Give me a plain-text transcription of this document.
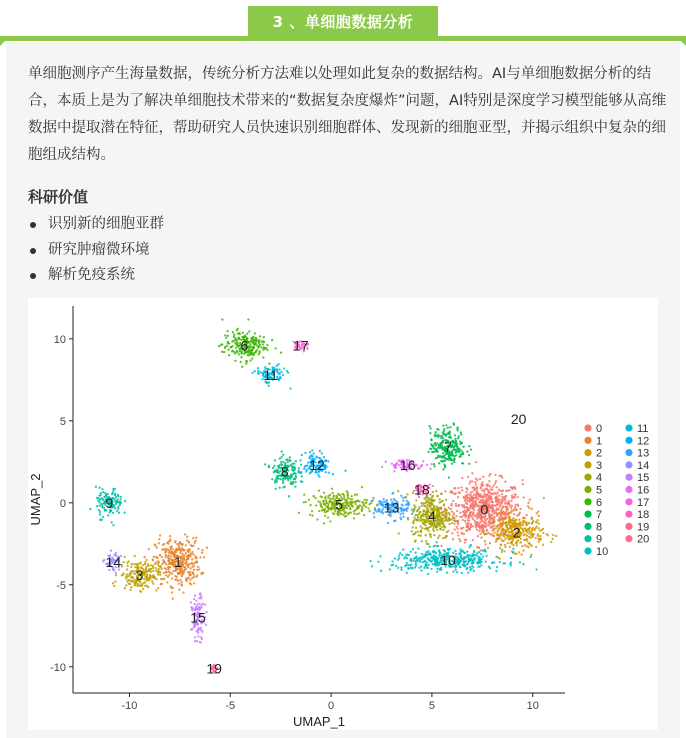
3 、单细胞数据分析

单细胞测序产生海量数据，传统分析方法难以处理如此复杂的数据结构。AI与单细胞数据分析的结合，本质上是为了解决单细胞技术带来的“数据复杂度爆炸”问题，AI特别是深度学习模型能够从高维数据中提取潜在特征，帮助研究人员快速识别细胞群体、发现新的细胞亚型，并揭示组织中复杂的细胞组成结构。

科研价值
识别新的细胞亚群
研究肿瘤微环境
解析免疫系统
0
1
2
3
4
5
6
7
8
9
10
11
12
13
14
15
16
17
18
19
20
-10	-5	0	5	10
-10
-5
0
5
10
UMAP_1
UMAP_2
0
1
2
3
4
5
6
7
8
9
10
11
12
13
14
15
16
17
18
19
20
